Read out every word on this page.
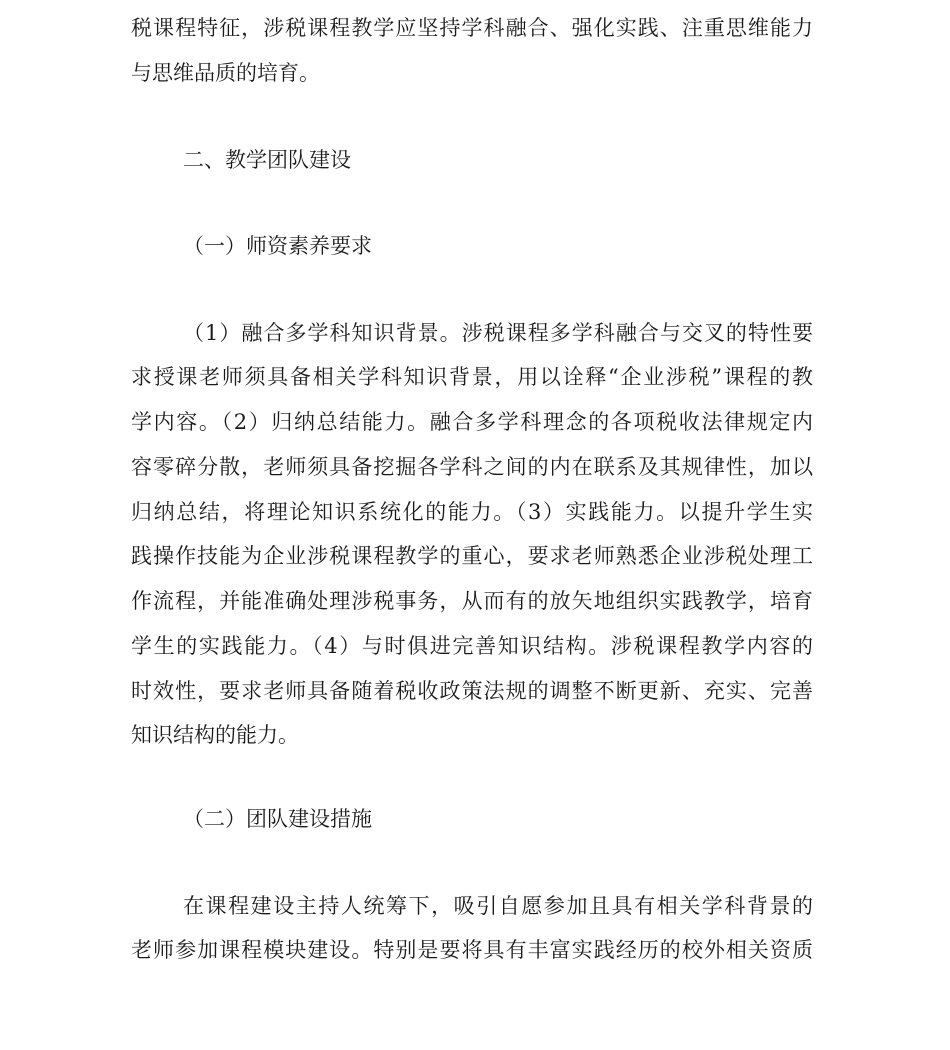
税课程特征，涉税课程教学应坚持学科融合、强化实践、注重思维能力
与思维品质的培育。
二、教学团队建设
（一）师资素养要求
（1）融合多学科知识背景。涉税课程多学科融合与交叉的特性要
求授课老师须具备相关学科知识背景，用以诠释“企业涉税”课程的教
学内容。（2）归纳总结能力。融合多学科理念的各项税收法律规定内
容零碎分散，老师须具备挖掘各学科之间的内在联系及其规律性，加以
归纳总结，将理论知识系统化的能力。（3）实践能力。以提升学生实
践操作技能为企业涉税课程教学的重心，要求老师熟悉企业涉税处理工
作流程，并能准确处理涉税事务，从而有的放矢地组织实践教学，培育
学生的实践能力。（4）与时俱进完善知识结构。涉税课程教学内容的
时效性，要求老师具备随着税收政策法规的调整不断更新、充实、完善
知识结构的能力。
（二）团队建设措施
在课程建设主持人统筹下，吸引自愿参加且具有相关学科背景的
老师参加课程模块建设。特别是要将具有丰富实践经历的校外相关资质
